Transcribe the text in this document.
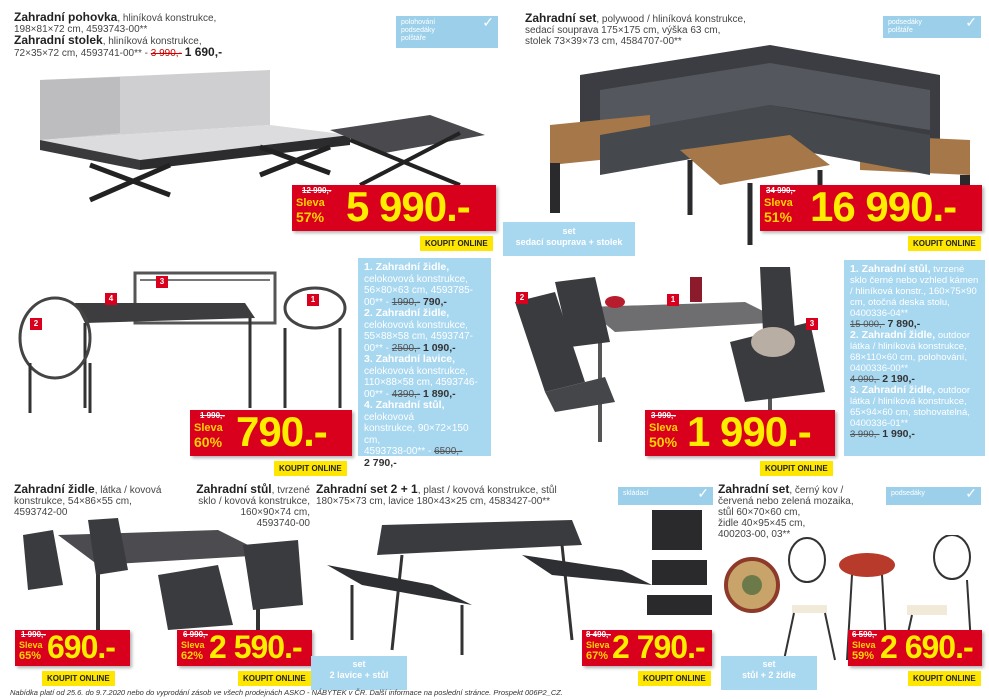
Zahradní pohovka, hliníková konstrukce,
198×81×72 cm, 4593743-00**
Zahradní stolek, hliníková konstrukce,
72×35×72 cm, 4593741-00** - 3 990,- 1 690,-
polohování
podsedáky
polštáře
✓
12 990,-
Sleva
57% 5 990.-
KOUPIT ONLINE
Zahradní set, polywood / hliníková konstrukce,
sedací souprava 175×175 cm, výška 63 cm,
stolek 73×39×73 cm, 4584707-00**
podsedáky
polštáře
✓
34 990,-
Sleva
51% 16 990.-
KOUPIT ONLINE
set
sedací souprava + stolek
1
2
3
4
1. Zahradní židle,
celokovová konstrukce,
56×80×63 cm, 4593785-
00** - 1990,- 790,-
2. Zahradní židle,
celokovová konstrukce,
55×88×58 cm, 4593747-
00** - 2500,- 1 090,-
3. Zahradní lavice,
celokovová konstrukce,
110×88×58 cm, 4593746-
00** - 4390,- 1 890,-
4. Zahradní stůl, celokovová
konstrukce, 90×72×150 cm,
4593738-00** - 6500,-
2 790,-
1 990,-
Sleva
60% 790.-
KOUPIT ONLINE
1
2
3
1. Zahradní stůl, tvrzené sklo černé nebo vzhled kámen / hliníková konstr., 160×75×90 cm, otočná deska stolu, 0400336-04**
15 000,- 7 890,-
2. Zahradní židle, outdoor látka / hliníková konstrukce, 68×110×60 cm, polohování, 0400336-00**
4 090,- 2 190,-
3. Zahradní židle, outdoor látka / hliníková konstrukce, 65×94×60 cm, stohovatelná, 0400336-01**
3 990,- 1 990,-
3 990,-
Sleva
50% 1 990.-
KOUPIT ONLINE
Zahradní židle, látka / kovová
konstrukce, 54×86×55 cm,
4593742-00
1 990,-
Sleva
65% 690.-
KOUPIT ONLINE
Zahradní stůl, tvrzené
sklo / kovová konstrukce,
160×90×74 cm,
4593740-00
6 990,-
Sleva
62% 2 590.-
KOUPIT ONLINE
Zahradní set 2 + 1, plast / kovová konstrukce, stůl
180×75×73 cm, lavice 180×43×25 cm, 4583427-00**
skládací	✓
set
2 lavice + stůl
8 490,-
Sleva
67% 2 790.-
KOUPIT ONLINE
Zahradní set, černý kov /
červená nebo zelená mozaika,
stůl 60×70×60 cm,
židle 40×95×45 cm,
400203-00, 03**
podsedáky	✓
set
stůl + 2 židle
6 590,-
Sleva
59% 2 690.-
KOUPIT ONLINE
Nabídka platí od 25.6. do 9.7.2020 nebo do vyprodání zásob ve všech prodejnách ASKO - NÁBYTEK v ČR. Další informace na poslední stránce. Prospekt 006P2_CZ.
